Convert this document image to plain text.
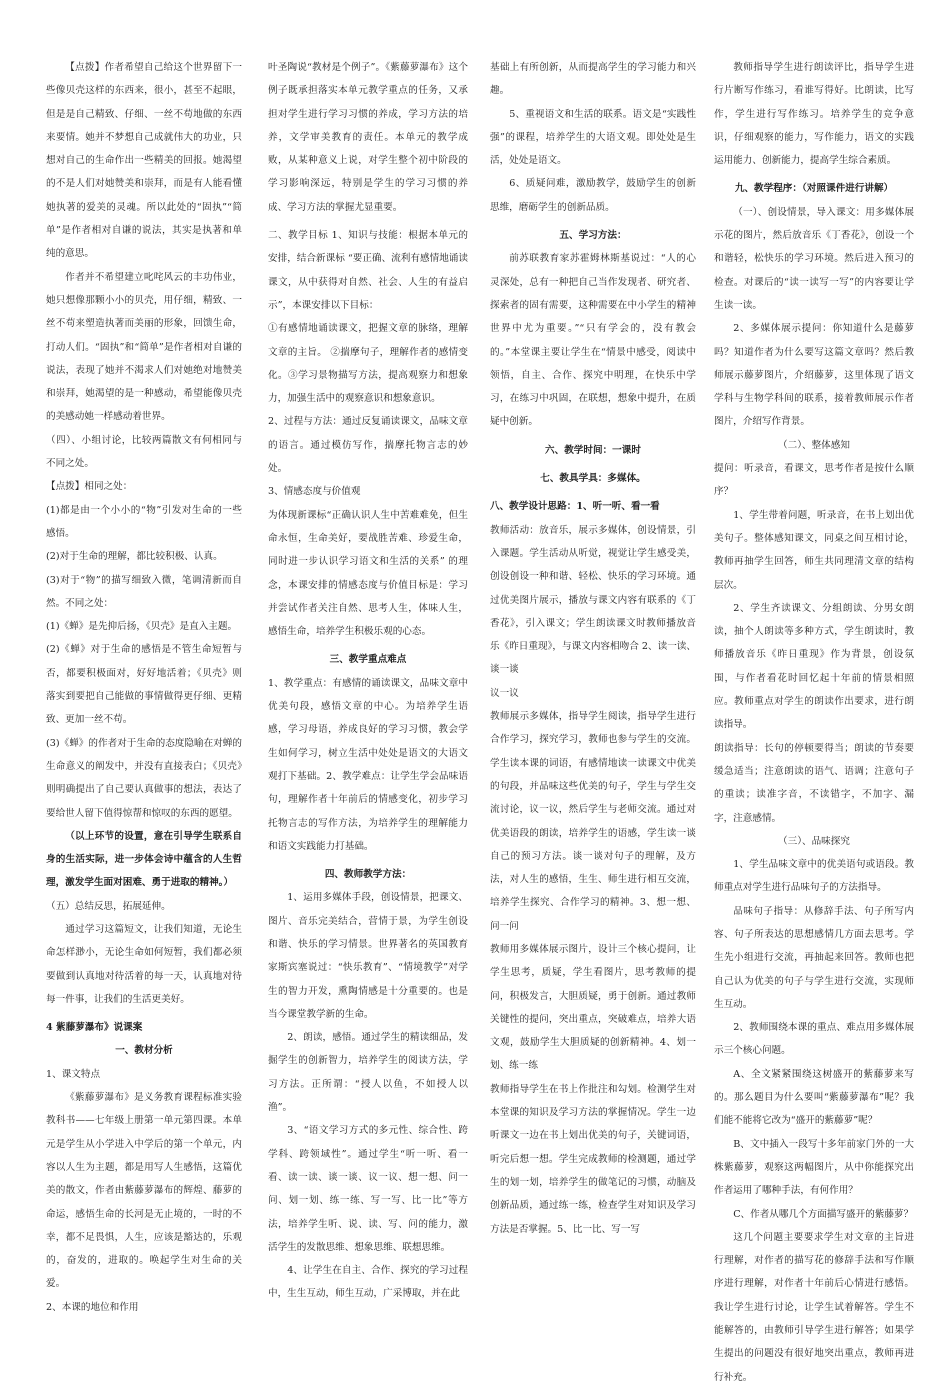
【点拨】作者希望自己给这个世界留下一些像贝壳这样的东西来，很小，甚至不起眼，但是是自己精致、仔细、一丝不苟地做的东西来要情。她并不梦想自己成就伟大的功业，只想对自己的生命作出一些精美的回报。她渴望的不是人们对她赞美和崇拜，而是有人能看懂她执著的爱美的灵魂。所以此处的“固执”“简单”是作者相对自谦的说法，其实是执著和单纯的意思。

作者并不希望建立叱咤风云的丰功伟业，她只想像那颗小小的贝壳，用仔细，精致、一丝不苟来塑造执著而美丽的形象，回馈生命，打动人们。“固执”和“简单”是作者相对自谦的说法，表现了她并不渴求人们对她绝对地赞美和崇拜，她渴望的是一种感动，希望能像贝壳的美感动她一样感动着世界。

（四）、小组讨论，比较两篇散文有何相同与不同之处。

【点拨】相同之处：

(1)都是由一个小小的“物”引发对生命的一些感悟。

(2)对于生命的理解，都比较积极、认真。

(3)对于“物”的描写细致入微，笔调清新而自然。不同之处：

(1)《蝉》是先抑后扬，《贝壳》是直入主题。

(2)《蝉》对于生命的感悟是不管生命短暂与否，都要积极面对，好好地活着；《贝壳》则落实到要把自己能做的事情做得更仔细、更精致、更加一丝不苟。

(3)《蝉》的作者对于生命的态度隐喻在对蝉的生命意义的阐发中，并没有直接表白；《贝壳》则明确提出了自己要认真做事的想法，表达了要给世人留下值得惊帮和惊叹的东西的愿望。

（以上环节的设置，意在引导学生联系自身的生活实际，进一步体会诗中蕴含的人生哲理，激发学生面对困难、勇于进取的精神。）

（五）总结反思，拓展延伸。

通过学习这篇短文，让我们知道，无论生命怎样渺小，无论生命如何短暂，我们都必须要做到认真地对待活着的每一天，认真地对待每一件事，让我们的生活更美好。

4 紫藤萝瀑布》说课案

一、教材分析

1、课文特点

《紫藤萝瀑布》是义务教育课程标准实验教科书——七年级上册第一单元第四课。本单元是学生从小学进入中学后的第一个单元，内容以人生为主题，都是用写人生感悟，这篇优美的散文，作者由紫藤萝瀑布的辉煌、藤萝的命运，感悟生命的长河是无止境的，一时的不幸，都不足畏惧，人生，应该是豁达的，乐观的，奋发的，进取的。唤起学生对生命的关爱。

2、本课的地位和作用

叶圣陶说“教材是个例子”。《紫藤萝瀑布》这个例子既承担落实本单元教学重点的任务，又承担对学生进行学习习惯的养成，学习方法的培养，文学审美教育的责任。本单元的教学成败，从某种意义上说，对学生整个初中阶段的学习影响深远，特别是学生的学习习惯的养成、学习方法的掌握尤显重要。

二、教学目标 1、知识与技能：根据本单元的安排，结合新课标 “要正确、流利有感情地诵读课文，从中获得对自然、社会、人生的有益启示”，本课安排以下目标：

①有感情地诵读课文，把握文章的脉络，理解文章的主旨。 ②揣摩句子，理解作者的感情变化。③学习景物描写方法，提高观察力和想象力，加强生活中的观察意识和想象意识。

2、过程与方法：通过反复诵读课文，品味文章的语言。通过模仿写作，揣摩托物言志的妙处。

3、情感态度与价值观

为体现新课标“正确认识人生中苦难难免，但生命永恒，生命美好，要战胜苦难、珍爱生命，同时进一步认识学习语文和生活的关系” 的理念，本课安排的情感态度与价值目标是：学习并尝试作者关注自然、思考人生，体味人生，感悟生命，培养学生积极乐观的心态。

三、教学重点难点

1、教学重点：有感情的诵读课文，品味文章中优美句段，感悟文章的中心。为培养学生语感，学习母语，养成良好的学习习惯，教会学生如何学习，树立生活中处处是语文的大语文观打下基础。2、教学难点：让学生学会品味语句，理解作者十年前后的情感变化，初步学习托物言志的写作方法，为培养学生的理解能力和语文实践能力打基础。

四、教师教学方法：

1、运用多媒体手段，创设情景，把课文、图片、音乐完美结合，营情于景，为学生创设和谐、快乐的学习情景。世界著名的英国教育家斯宾塞说过：“快乐教育”、“情境教学”对学生的智力开发，熏陶情感是十分重要的。也是当今课堂教学新的生命。

2、朗读，感悟。通过学生的精读细品，发掘学生的创新智力，培养学生的阅读方法，学习方法。正所谓：“授人以鱼，不如授人以渔”。

3、“语文学习方式的多元性、综合性、跨学科、跨领域性”。通过学生“听一听、看一看、读一读、谈一谈、议一议、想一想、问一问、划一划、练一练、写一写、比一比”等方法，培养学生听、说、读、写、问的能力，激活学生的发散思维、想象思维、联想思维。

4、让学生在自主、合作、探究的学习过程中，生生互动，师生互动，广采博取，并在此

基础上有所创新，从而提高学生的学习能力和兴趣。

5、重视语文和生活的联系。语文是“实践性强”的课程，培养学生的大语文观。即处处是生活，处处是语文。

6、质疑问难，激励教学，鼓励学生的创新思维，磨砺学生的创新品质。

五、学习方法：

前苏联教育家苏霍姆林斯基说过：“人的心灵深处，总有一种把自己当作发现者、研究者、探索者的固有需要，这种需要在中小学生的精神世界中尤为重要。”“只有学会的，没有教会的。”本堂课主要让学生在“情景中感受，阅读中领悟，自主、合作、探究中明理，在快乐中学习，在练习中巩固，在联想，想象中提升，在质疑中创新。

六、教学时间：一课时

七、教具学具：多媒体。

八、教学设计思路：1、听一听、看一看

教师活动：放音乐，展示多媒体，创设情景，引入课题。学生活动从听觉，视觉让学生感受美，创设创设一种和谐、轻松、快乐的学习环境。通过优美图片展示，播放与课文内容有联系的《丁香花》，引入课文；学生朗读课文时教师播放音乐《昨日重现》，与课文内容相吻合 2、读一读、谈一谈

议一议

教师展示多媒体，指导学生阅读，指导学生进行合作学习，探究学习，教师也参与学生的交流。学生读本课的词语，有感情地读一读课文中优美的句段，并品味这些优美的句子，学生与学生交流讨论，议一议，然后学生与老师交流。通过对优美语段的朗读，培养学生的语感，学生读一谈自己的预习方法。谈一谈对句子的理解，及方法，对人生的感悟，生生、师生进行相互交流，培养学生探究、合作学习的精神。3、想一想、问一问

教师用多媒体展示图片，设计三个核心提问，让学生思考，质疑，学生看图片，思考教师的提问，积极发言，大胆质疑，勇于创新。通过教师关键性的提问，突出重点，突破难点，培养大语文观，鼓励学生大胆质疑的创新精神。4、划一划、练一练

教师指导学生在书上作批注和勾划。检测学生对本堂课的知识及学习方法的掌握情况。学生一边听课文一边在书上划出优美的句子，关键词语，听完后想一想。学生完成教师的检测题，通过学生的划一划，培养学生的做笔记的习惯，动脑及创新品质，通过练一练，检查学生对知识及学习方法是否掌握。5、比一比、写一写

教师指导学生进行朗读评比，指导学生进行片断写作练习，看谁写得好。比朗读，比写作，学生进行写作练习。培养学生的竞争意识，仔细观察的能力，写作能力，语文的实践运用能力、创新能力，提高学生综合素质。

九、教学程序：（对照课件进行讲解）

（一）、创设情景，导入课文：用多媒体展示花的图片，然后放音乐《丁香花》，创设一个和谐轻，松快乐的学习环境。然后进入预习的检查。对课后的“读一读写一写”的内容要让学生读一读。

2、多媒体展示提问：你知道什么是藤萝吗？知道作者为什么要写这篇文章吗？然后教师展示藤萝图片，介绍藤萝，这里体现了语文学科与生物学科间的联系，接着教师展示作者图片，介绍写作背景。

（二）、整体感知

提问：听录音，看课文，思考作者是按什么顺序？

1、学生带着问题，听录音，在书上划出优美句子。整体感知课文，同桌之间互相讨论，教师再抽学生回答，师生共同理清文章的结构层次。

2、学生齐读课文、分组朗读、分男女朗读，抽个人朗读等多种方式，学生朗读时，教师播放音乐《昨日重现》作为背景，创设氛围，与作者看花时回忆起十年前的情景相照应。教师重点对学生的朗读作出要求，进行朗读指导。

朗读指导：长句的停顿要得当；朗读的节奏要缓急适当；注意朗读的语气、语调；注意句子的重读；读准字音，不读错字，不加字、漏字，注意感情。

（三）、品味探究

1、学生品味文章中的优美语句或语段。教师重点对学生进行品味句子的方法指导。

品味句子指导：从修辞手法、句子所写内容、句子所表达的思想感情几方面去思考。学生先小组进行交流，再抽起来回答。教师也把自己认为优美的句子与学生进行交流，实现师生互动。

2、教师围绕本课的重点、难点用多媒体展示三个核心问题。

A、全文紧紧围绕这树盛开的紫藤萝来写的。那么题目为什么要叫“紫藤萝瀑布”呢？我们能不能将它改为“盛开的紫藤萝”呢？

B、文中插入一段写十多年前家门外的一大株紫藤萝，观察这两幅图片，从中你能探究出作者运用了哪种手法，有何作用？

C、作者从哪几个方面描写盛开的紫藤萝？

这几个问题主要要求学生对文章的主旨进行理解，对作者的描写花的修辞手法和写作顺序进行理解，对作者十年前后心情进行感悟。我让学生进行讨论，让学生试着解答。学生不能解答的，由教师引导学生进行解答；如果学生提出的问题没有很好地突出重点，教师再进行补充。
